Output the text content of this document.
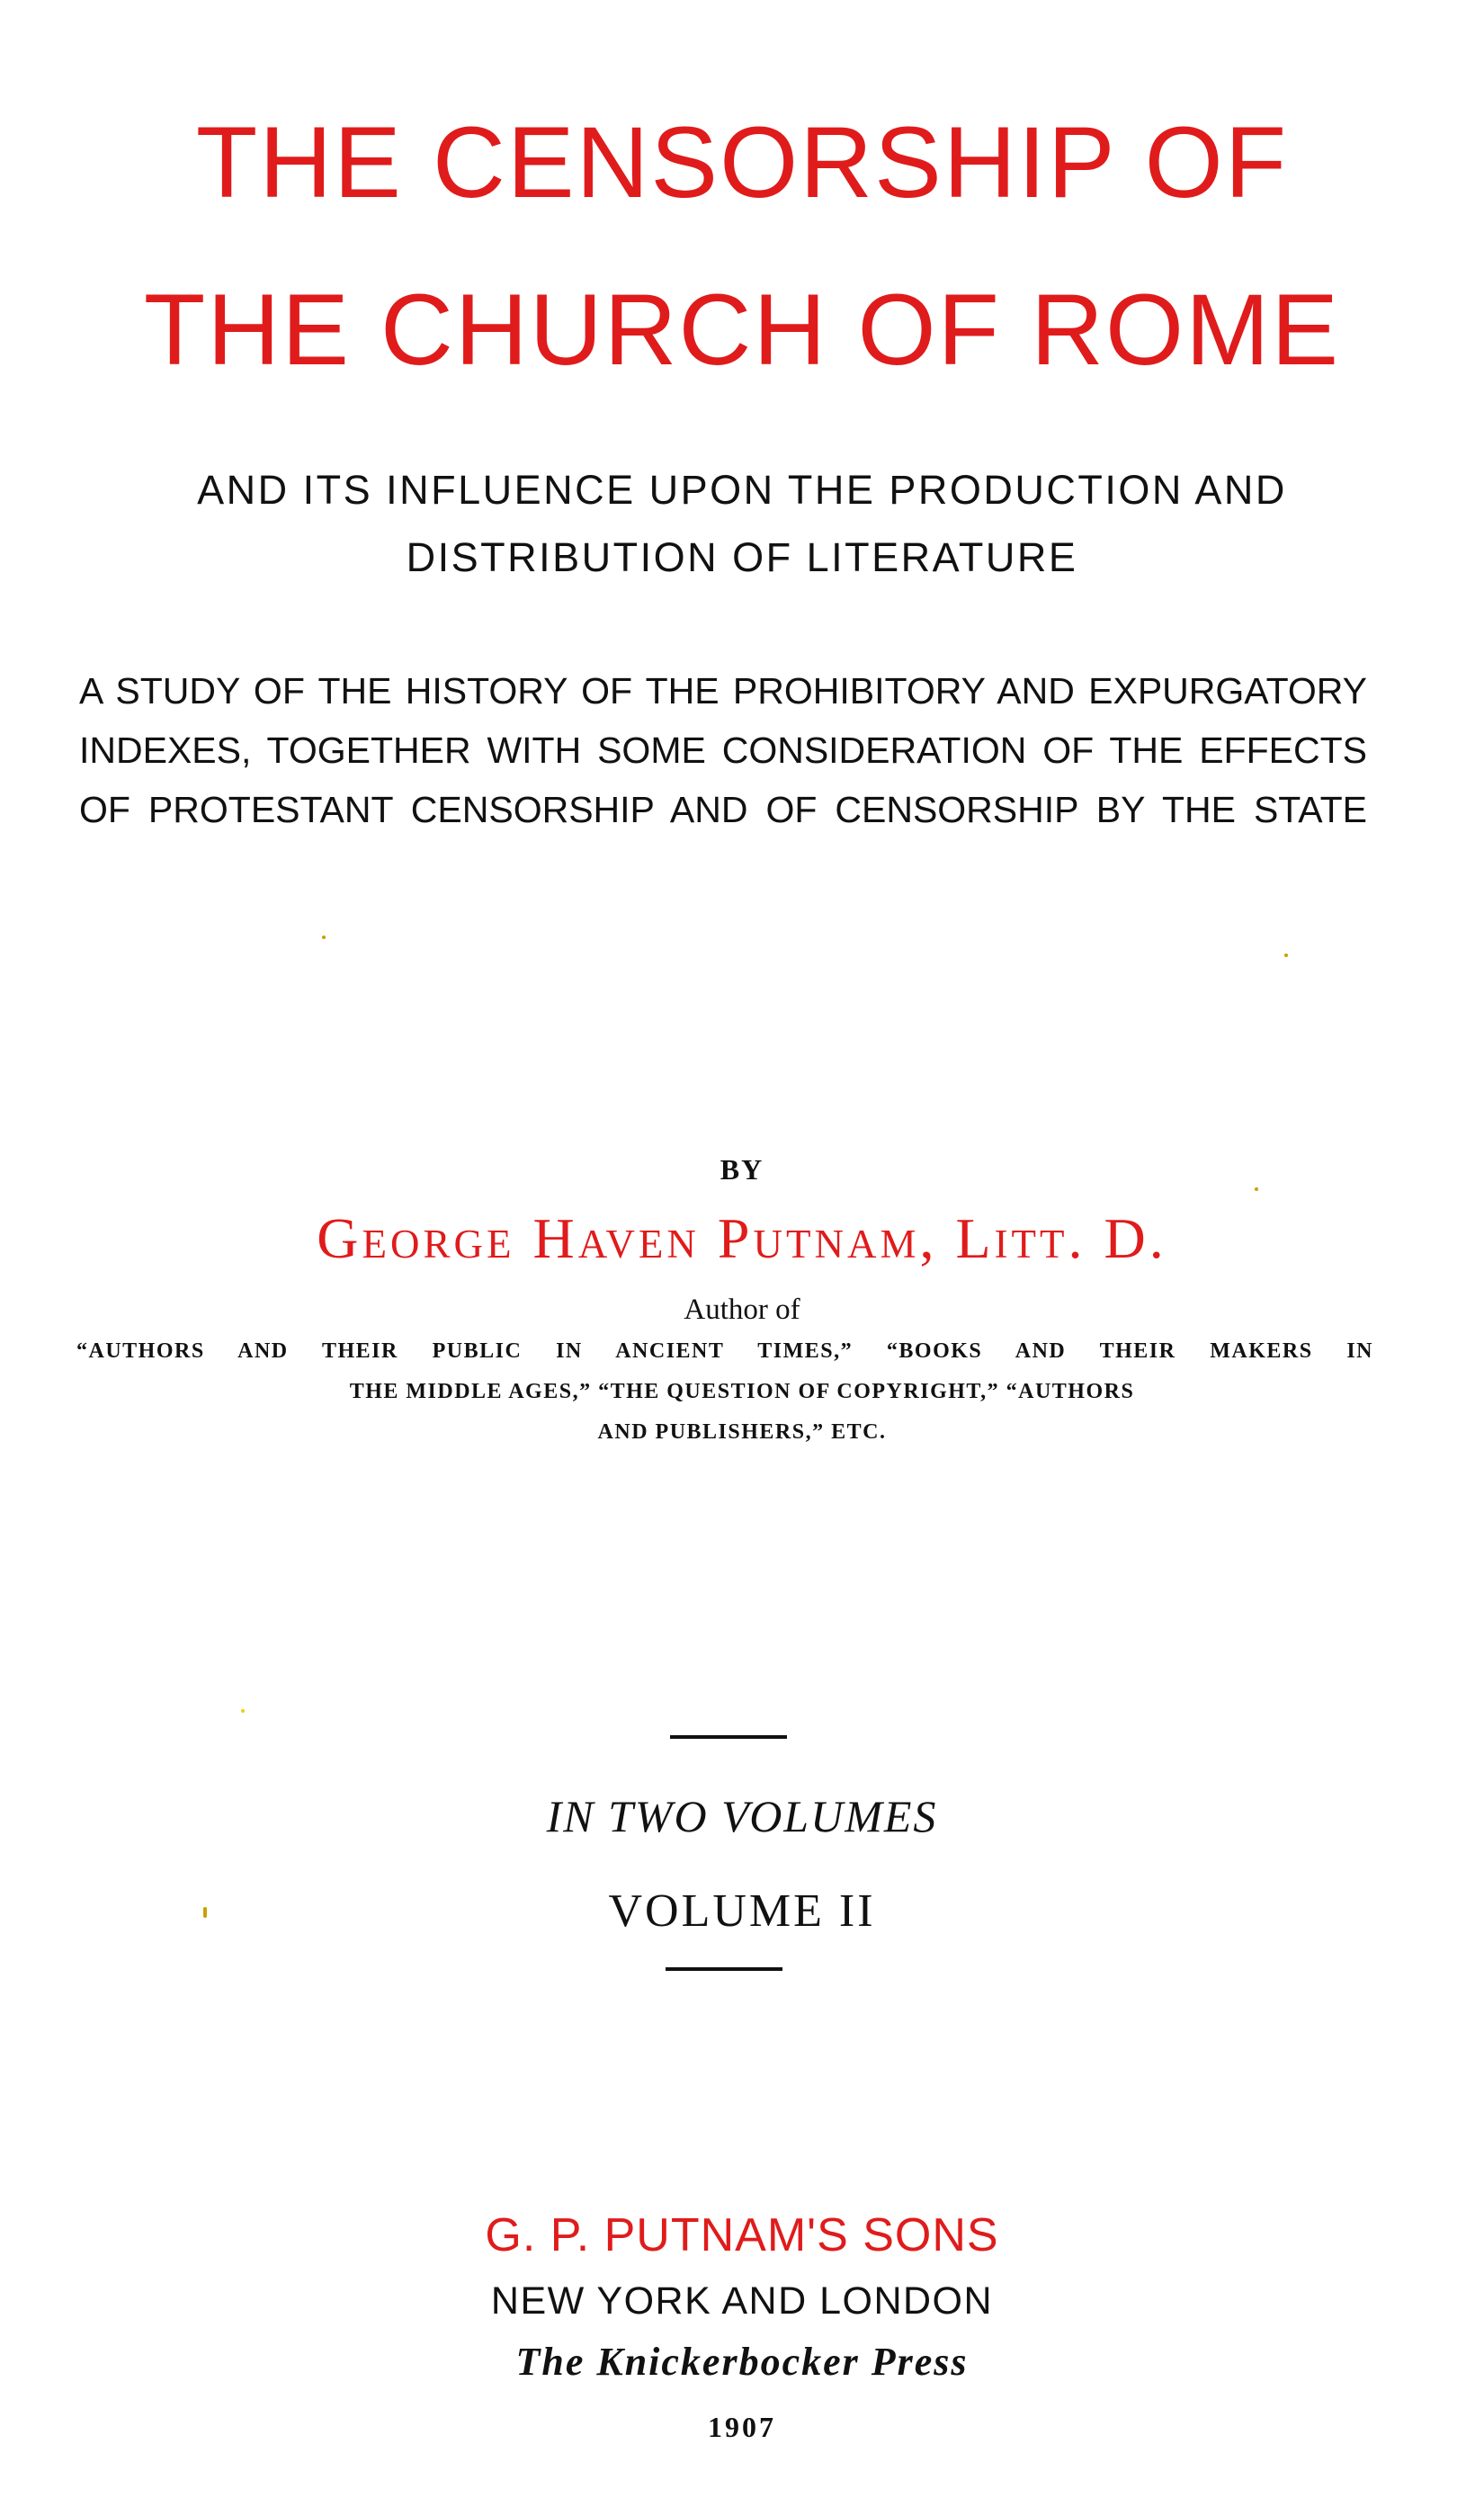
THE CENSORSHIP OF
THE CHURCH OF ROME
AND ITS INFLUENCE UPON THE PRODUCTION AND
DISTRIBUTION OF LITERATURE
A STUDY OF THE HISTORY OF THE PROHIBITORY AND EXPURGATORY
INDEXES, TOGETHER WITH SOME CONSIDERATION OF THE EFFECTS
OF PROTESTANT CENSORSHIP AND OF CENSORSHIP BY THE STATE
BY
George Haven Putnam, Litt. D.
Author of
“AUTHORS AND THEIR PUBLIC IN ANCIENT TIMES,” “BOOKS AND THEIR MAKERS IN
THE MIDDLE AGES,” “THE QUESTION OF COPYRIGHT,” “AUTHORS
AND PUBLISHERS,” ETC.
IN TWO VOLUMES
VOLUME II
G. P. PUTNAM'S SONS
NEW YORK AND LONDON
The Knickerbocker Press
1907
